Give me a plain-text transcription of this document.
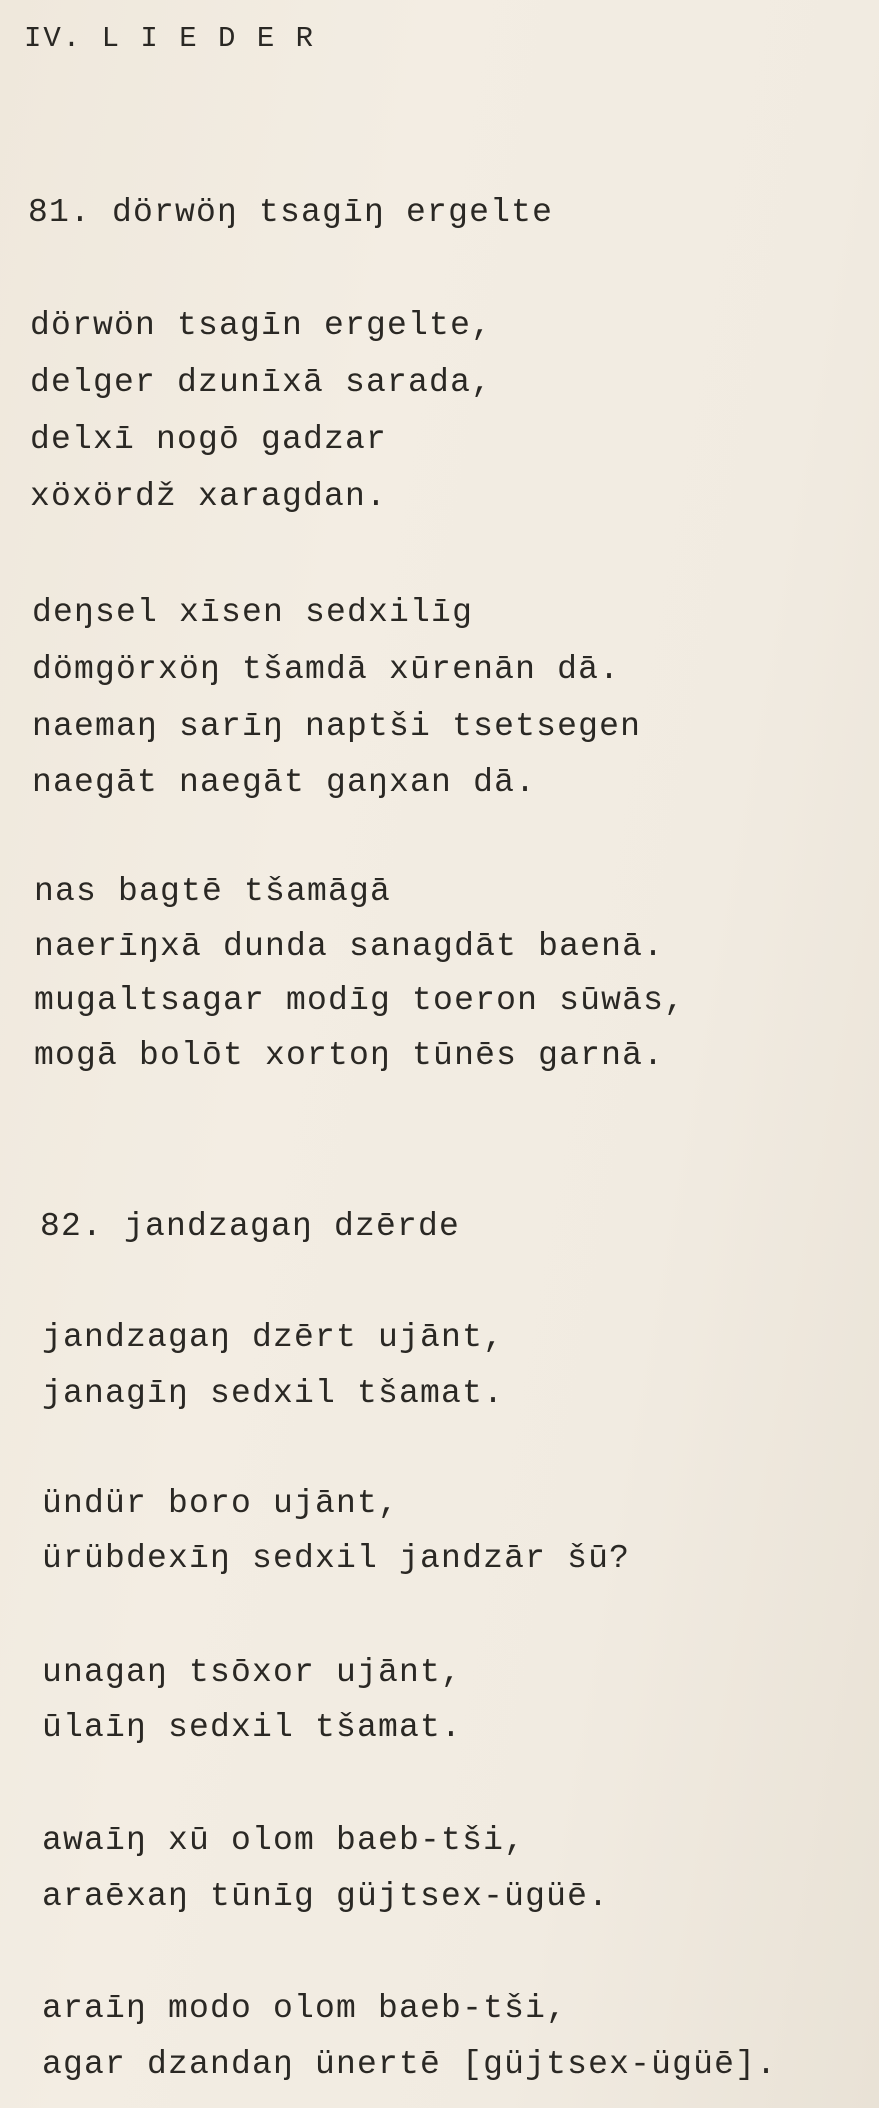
IV. L I E D E R
81. dörwöŋ tsagīŋ ergelte
dörwön tsagīn ergelte,
delger dzunīxā sarada,
delxī nogō gadzar
xöxördž xaragdan.
deŋsel xīsen sedxilīg
dömgörxöŋ tšamdā xūrenān dā.
naemaŋ sarīŋ naptši tsetsegen
naegāt naegāt gaŋxan dā.
nas bagtē tšamāgā
naerīŋxā dunda sanagdāt baenā.
mugaltsagar modīg toeron sūwās,
mogā bolōt xortoŋ tūnēs garnā.
82. jandzagaŋ dzērde
jandzagaŋ dzērt ujānt,
janagīŋ sedxil tšamat.
ündür boro ujānt,
ürübdexīŋ sedxil jandzār šū?
unagaŋ tsōxor ujānt,
ūlaīŋ sedxil tšamat.
awaīŋ xū olom baeb-tši,
araēxaŋ tūnīg güjtsex-ügüē.
araīŋ modo olom baeb-tši,
agar dzandaŋ ünertē [güjtsex-ügüē].
